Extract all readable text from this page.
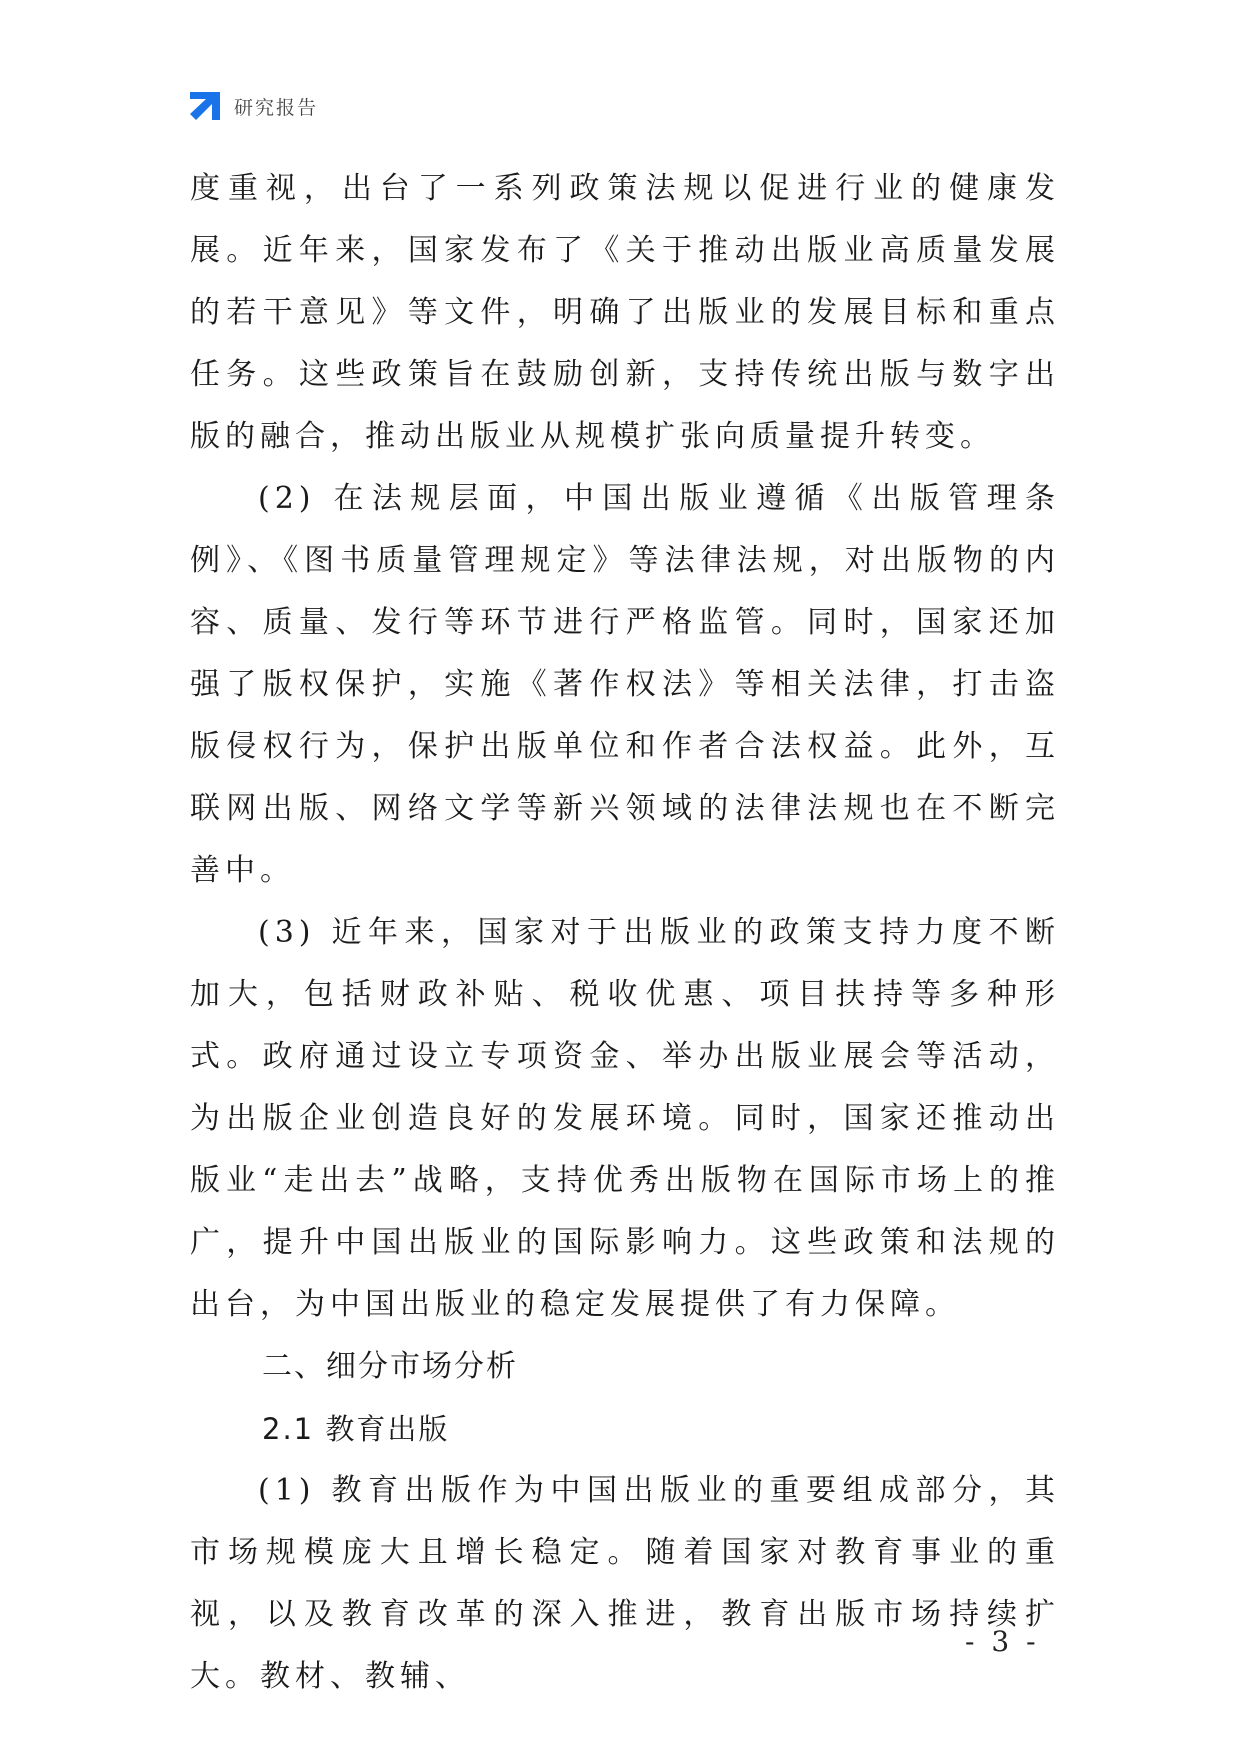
研究报告

度重视，出台了一系列政策法规以促进行业的健康发展。近年来，国家发布了《关于推动出版业高质量发展的若干意见》等文件，明确了出版业的发展目标和重点任务。这些政策旨在鼓励创新，支持传统出版与数字出版的融合，推动出版业从规模扩张向质量提升转变。

(2) 在法规层面，中国出版业遵循《出版管理条例》、《图书质量管理规定》等法律法规，对出版物的内容、质量、发行等环节进行严格监管。同时，国家还加强了版权保护，实施《著作权法》等相关法律，打击盗版侵权行为，保护出版单位和作者合法权益。此外，互联网出版、网络文学等新兴领域的法律法规也在不断完善中。

(3) 近年来，国家对于出版业的政策支持力度不断加大，包括财政补贴、税收优惠、项目扶持等多种形式。政府通过设立专项资金、举办出版业展会等活动，为出版企业创造良好的发展环境。同时，国家还推动出版业“走出去”战略，支持优秀出版物在国际市场上的推广，提升中国出版业的国际影响力。这些政策和法规的出台，为中国出版业的稳定发展提供了有力保障。

二、细分市场分析
2.1 教育出版

(1) 教育出版作为中国出版业的重要组成部分，其市场规模庞大且增长稳定。随着国家对教育事业的重视，以及教育改革的深入推进，教育出版市场持续扩大。教材、教辅、

- 3 -
